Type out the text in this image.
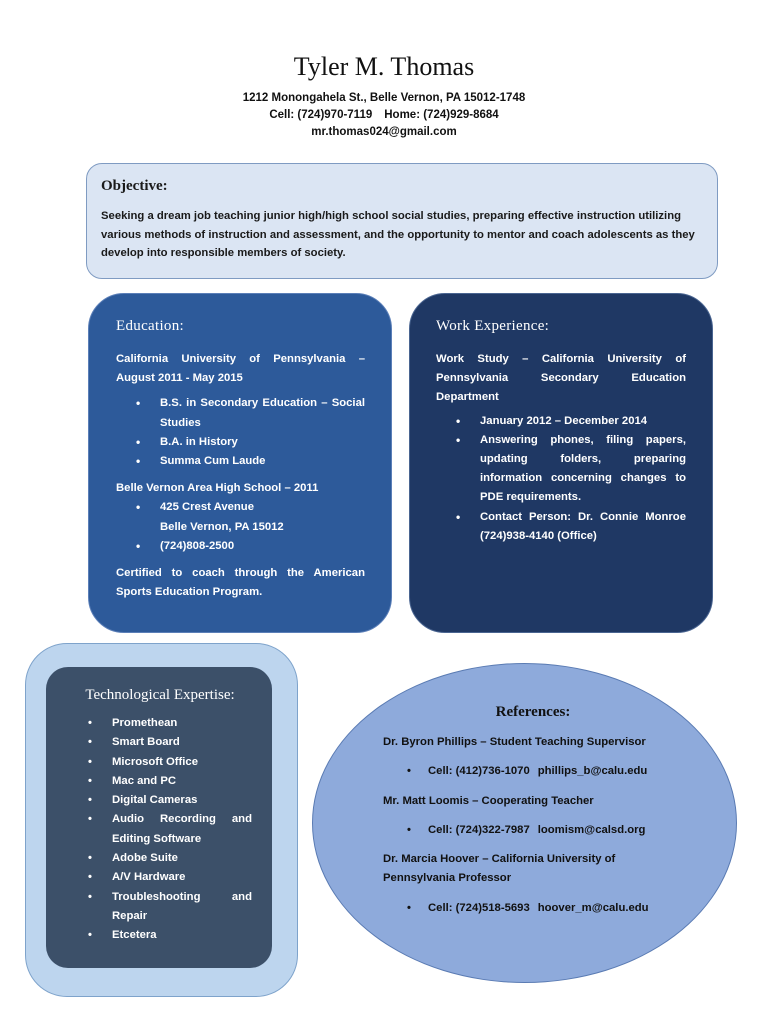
Tyler M. Thomas
1212 Monongahela St., Belle Vernon, PA 15012-1748
Cell: (724)970-7119 Home: (724)929-8684
mr.thomas024@gmail.com
Objective:

Seeking a dream job teaching junior high/high school social studies, preparing effective instruction utilizing various methods of instruction and assessment, and the opportunity to mentor and coach adolescents as they develop into responsible members of society.

Education:

California University of Pennsylvania – August 2011 - May 2015

• B.S. in Secondary Education – Social Studies
• B.A. in History
• Summa Cum Laude

Belle Vernon Area High School – 2011

• 425 Crest Avenue
Belle Vernon, PA 15012
• (724)808-2500

Certified to coach through the American Sports Education Program.

Work Experience:

Work Study – California University of Pennsylvania Secondary Education Department

• January 2012 – December 2014
• Answering phones, filing papers, updating folders, preparing information concerning changes to PDE requirements.
• Contact Person: Dr. Connie Monroe (724)938-4140 (Office)
Technological Expertise:
• Promethean
• Smart Board
• Microsoft Office
• Mac and PC
• Digital Cameras
• Audio Recording and Editing Software
• Adobe Suite
• A/V Hardware
• Troubleshooting and Repair
• Etcetera
References:

Dr. Byron Phillips – Student Teaching Supervisor

• Cell: (412)736-1070 phillips_b@calu.edu

Mr. Matt Loomis – Cooperating Teacher

• Cell: (724)322-7987 loomism@calsd.org

Dr. Marcia Hoover – California University of Pennsylvania Professor

• Cell: (724)518-5693 hoover_m@calu.edu
